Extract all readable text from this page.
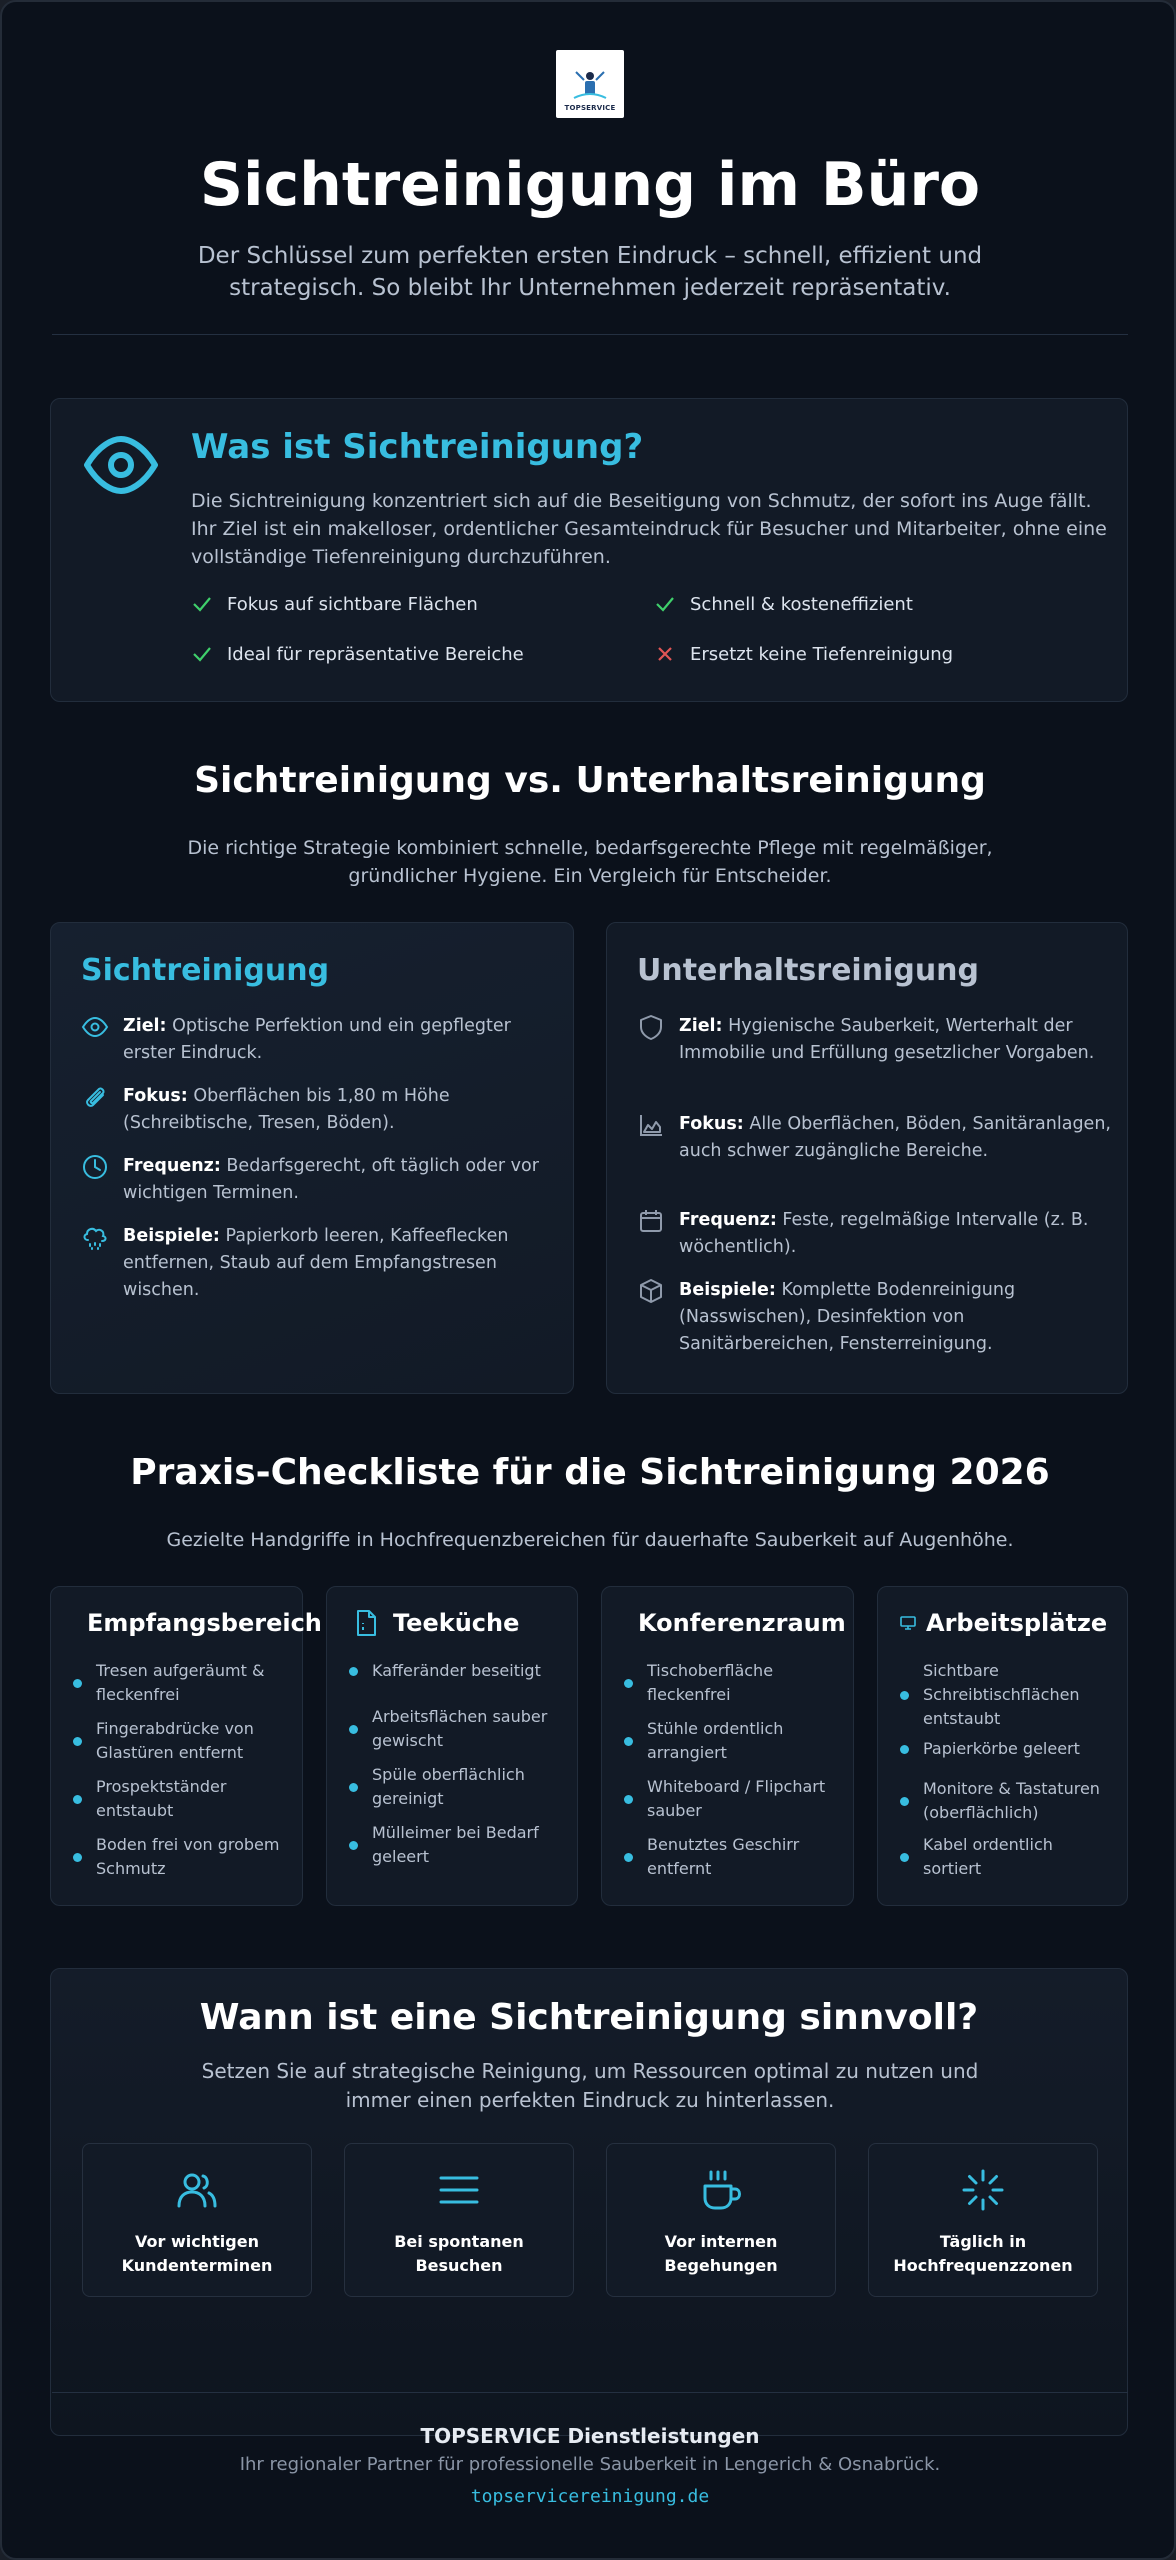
TOPSERVICE
Sichtreinigung im Büro
Der Schlüssel zum perfekten ersten Eindruck – schnell, effizient und strategisch. So bleibt Ihr Unternehmen jederzeit repräsentativ.
Was ist Sichtreinigung?
Die Sichtreinigung konzentriert sich auf die Beseitigung von Schmutz, der sofort ins Auge fällt. Ihr Ziel ist ein makelloser, ordentlicher Gesamteindruck für Besucher und Mitarbeiter, ohne eine vollständige Tiefenreinigung durchzuführen.
Fokus auf sichtbare Flächen	Schnell & kosteneffizient
Ideal für repräsentative Bereiche	Ersetzt keine Tiefenreinigung
Sichtreinigung vs. Unterhaltsreinigung
Die richtige Strategie kombiniert schnelle, bedarfsgerechte Pflege mit regelmäßiger, gründlicher Hygiene. Ein Vergleich für Entscheider.
Sichtreinigung
Ziel: Optische Perfektion und ein gepflegter erster Eindruck.
Fokus: Oberflächen bis 1,80 m Höhe (Schreibtische, Tresen, Böden).
Frequenz: Bedarfsgerecht, oft täglich oder vor wichtigen Terminen.
Beispiele: Papierkorb leeren, Kaffeeflecken entfernen, Staub auf dem Empfangstresen wischen.
Unterhaltsreinigung
Ziel: Hygienische Sauberkeit, Werterhalt der Immobilie und Erfüllung gesetzlicher Vorgaben.
Fokus: Alle Oberflächen, Böden, Sanitäranlagen, auch schwer zugängliche Bereiche.
Frequenz: Feste, regelmäßige Intervalle (z. B. wöchentlich).
Beispiele: Komplette Bodenreinigung (Nasswischen), Desinfektion von Sanitärbereichen, Fensterreinigung.
Praxis-Checkliste für die Sichtreinigung 2026
Gezielte Handgriffe in Hochfrequenzbereichen für dauerhafte Sauberkeit auf Augenhöhe.
Empfangsbereich
Tresen aufgeräumt & fleckenfrei
Fingerabdrücke von Glastüren entfernt
Prospektständer entstaubt
Boden frei von grobem Schmutz
Teeküche
Kafferänder beseitigt
Arbeitsflächen sauber gewischt
Spüle oberflächlich gereinigt
Mülleimer bei Bedarf geleert
Konferenzraum
Tischoberfläche fleckenfrei
Stühle ordentlich arrangiert
Whiteboard / Flipchart sauber
Benutztes Geschirr entfernt
Arbeitsplätze
Sichtbare Schreibtischflächen entstaubt
Papierkörbe geleert
Monitore & Tastaturen (oberflächlich)
Kabel ordentlich sortiert
Wann ist eine Sichtreinigung sinnvoll?
Setzen Sie auf strategische Reinigung, um Ressourcen optimal zu nutzen und immer einen perfekten Eindruck zu hinterlassen.
Vor wichtigen Kundenterminen
Bei spontanen Besuchen
Vor internen Begehungen
Täglich in Hochfrequenzzonen
TOPSERVICE Dienstleistungen
Ihr regionaler Partner für professionelle Sauberkeit in Lengerich & Osnabrück.
topservicereinigung.de
